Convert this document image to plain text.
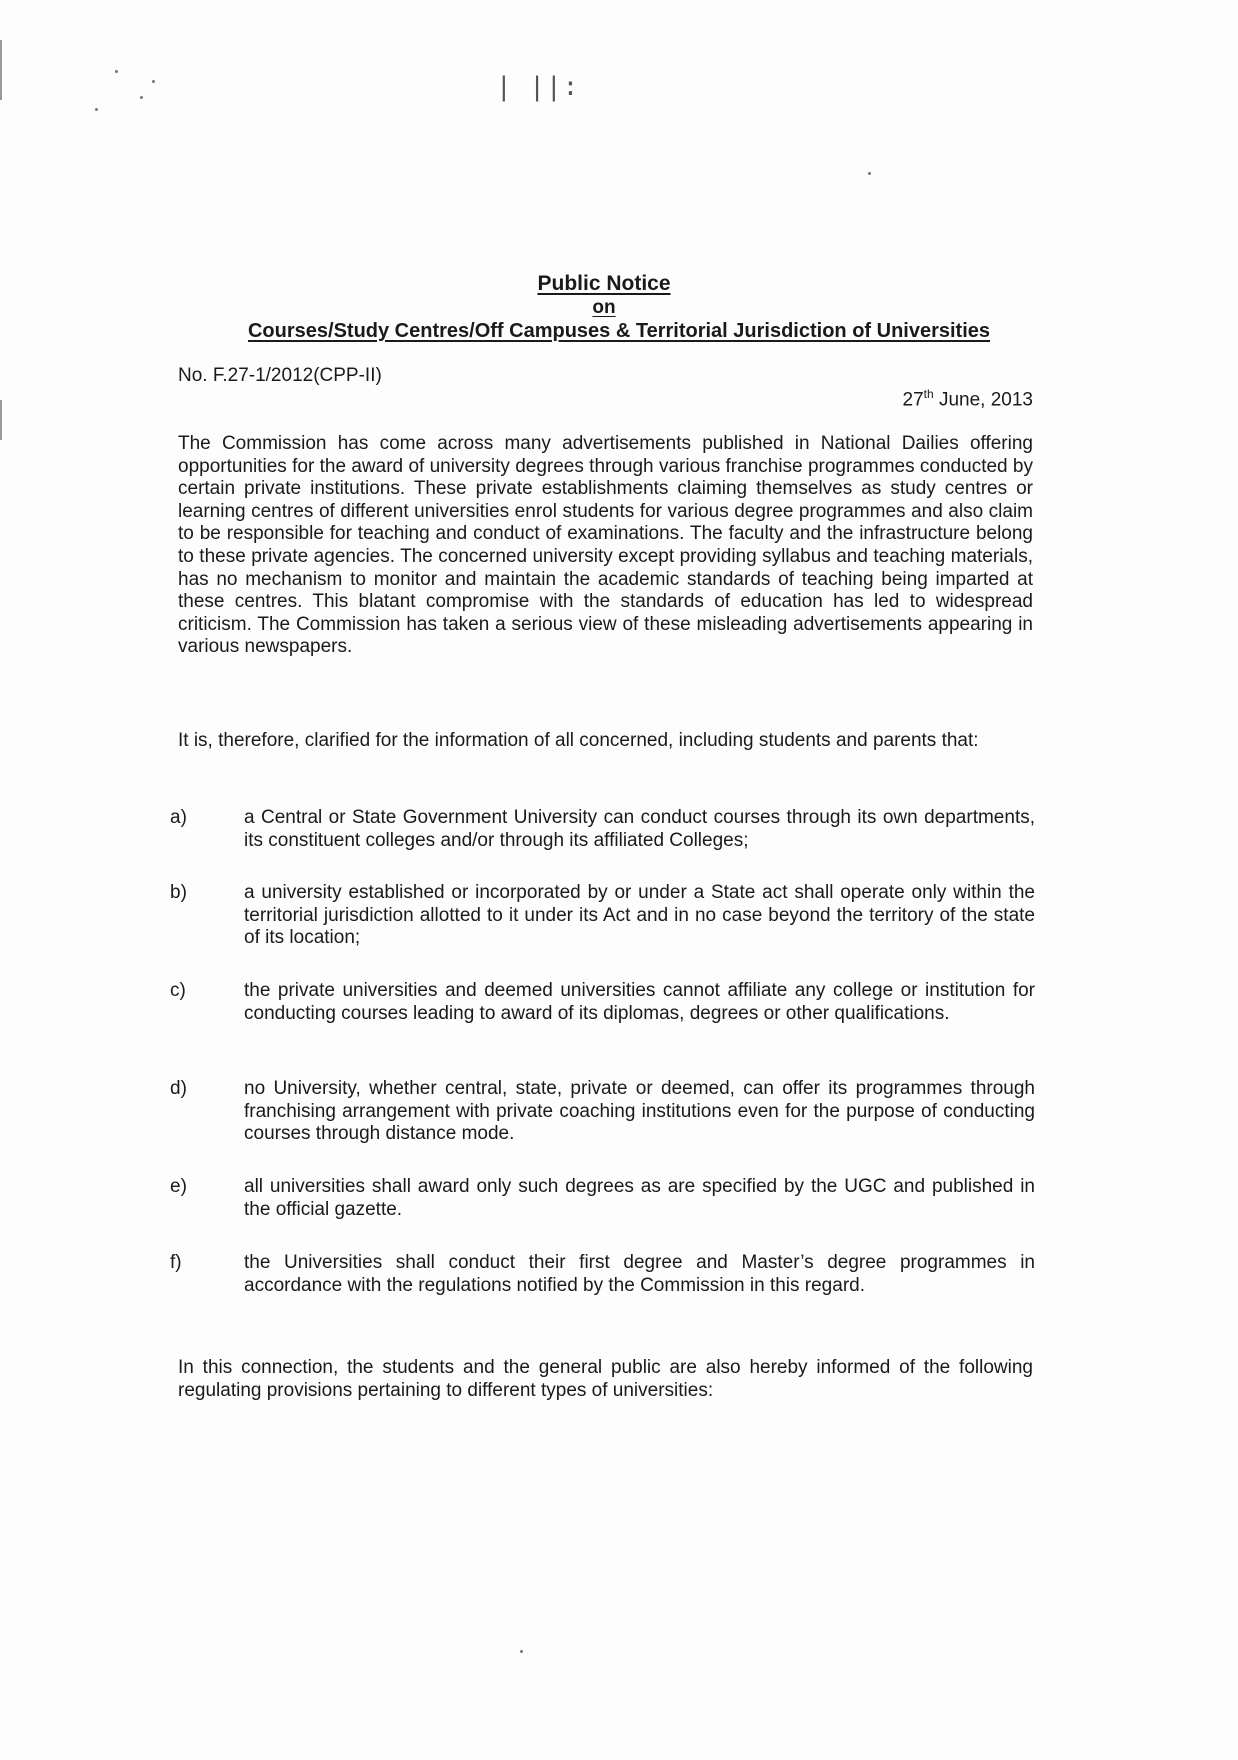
| ||:
Public Notice
on
Courses/Study Centres/Off Campuses & Territorial Jurisdiction of Universities
No. F.27-1/2012(CPP-II)
27th June, 2013
The Commission has come across many advertisements published in National Dailies offering opportunities for the award of university degrees through various franchise programmes conducted by certain private institutions. These private establishments claiming themselves as study centres or learning centres of different universities enrol students for various degree programmes and also claim to be responsible for teaching and conduct of examinations. The faculty and the infrastructure belong to these private agencies. The concerned university except providing syllabus and teaching materials, has no mechanism to monitor and maintain the academic standards of teaching being imparted at these centres. This blatant compromise with the standards of education has led to widespread criticism. The Commission has taken a serious view of these misleading advertisements appearing in various newspapers.
It is, therefore, clarified for the information of all concerned, including students and parents that:
a)	a Central or State Government University can conduct courses through its own departments, its constituent colleges and/or through its affiliated Colleges;
b)	a university established or incorporated by or under a State act shall operate only within the territorial jurisdiction allotted to it under its Act and in no case beyond the territory of the state of its location;
c)	the private universities and deemed universities cannot affiliate any college or institution for conducting courses leading to award of its diplomas, degrees or other qualifications.
d)	no University, whether central, state, private or deemed, can offer its programmes through franchising arrangement with private coaching institutions even for the purpose of conducting courses through distance mode.
e)	all universities shall award only such degrees as are specified by the UGC and published in the official gazette.
f)	the Universities shall conduct their first degree and Master’s degree programmes in accordance with the regulations notified by the Commission in this regard.
In this connection, the students and the general public are also hereby informed of the following regulating provisions pertaining to different types of universities:
